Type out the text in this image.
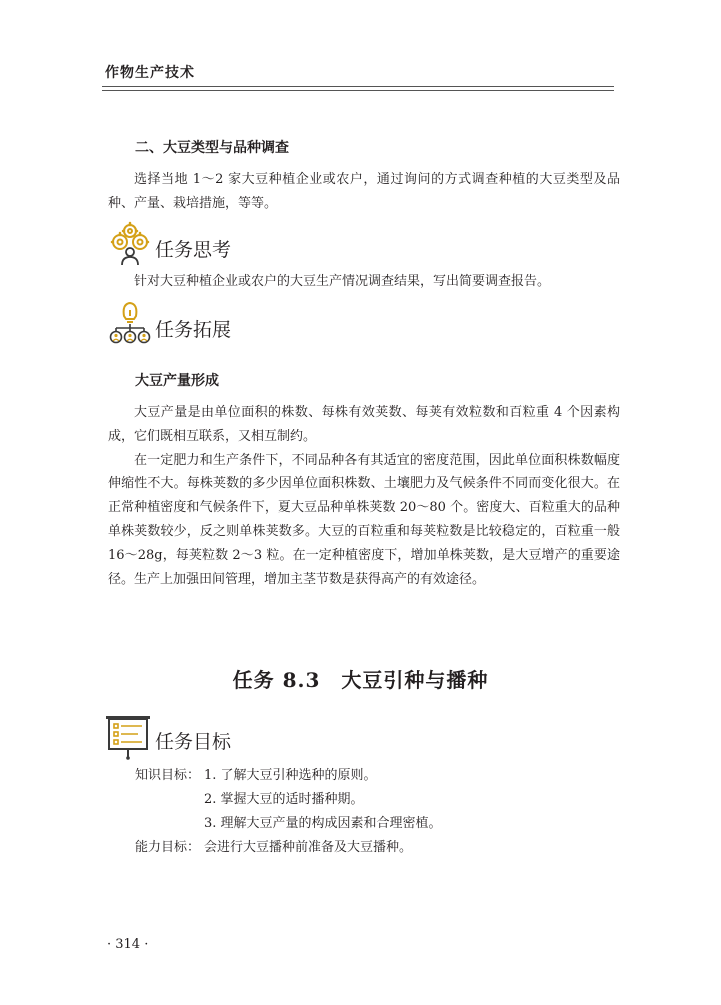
作物生产技术
二、大豆类型与品种调查

选择当地 1～2 家大豆种植企业或农户，通过询问的方式调查种植的大豆类型及品种、产量、栽培措施，等等。

任务思考

针对大豆种植企业或农户的大豆生产情况调查结果，写出简要调查报告。

任务拓展
大豆产量形成

大豆产量是由单位面积的株数、每株有效荚数、每荚有效粒数和百粒重 4 个因素构成，它们既相互联系，又相互制约。

在一定肥力和生产条件下，不同品种各有其适宜的密度范围，因此单位面积株数幅度伸缩性不大。每株荚数的多少因单位面积株数、土壤肥力及气候条件不同而变化很大。在正常种植密度和气候条件下，夏大豆品种单株荚数 20～80 个。密度大、百粒重大的品种单株荚数较少，反之则单株荚数多。大豆的百粒重和每荚粒数是比较稳定的，百粒重一般 16～28g，每荚粒数 2～3 粒。在一定种植密度下，增加单株荚数，是大豆增产的重要途径。生产上加强田间管理，增加主茎节数是获得高产的有效途径。

任务 8.3　大豆引种与播种
任务目标
知识目标： 1. 了解大豆引种选种的原则。
2. 掌握大豆的适时播种期。
3. 理解大豆产量的构成因素和合理密植。
能力目标： 会进行大豆播种前准备及大豆播种。
· 314 ·
